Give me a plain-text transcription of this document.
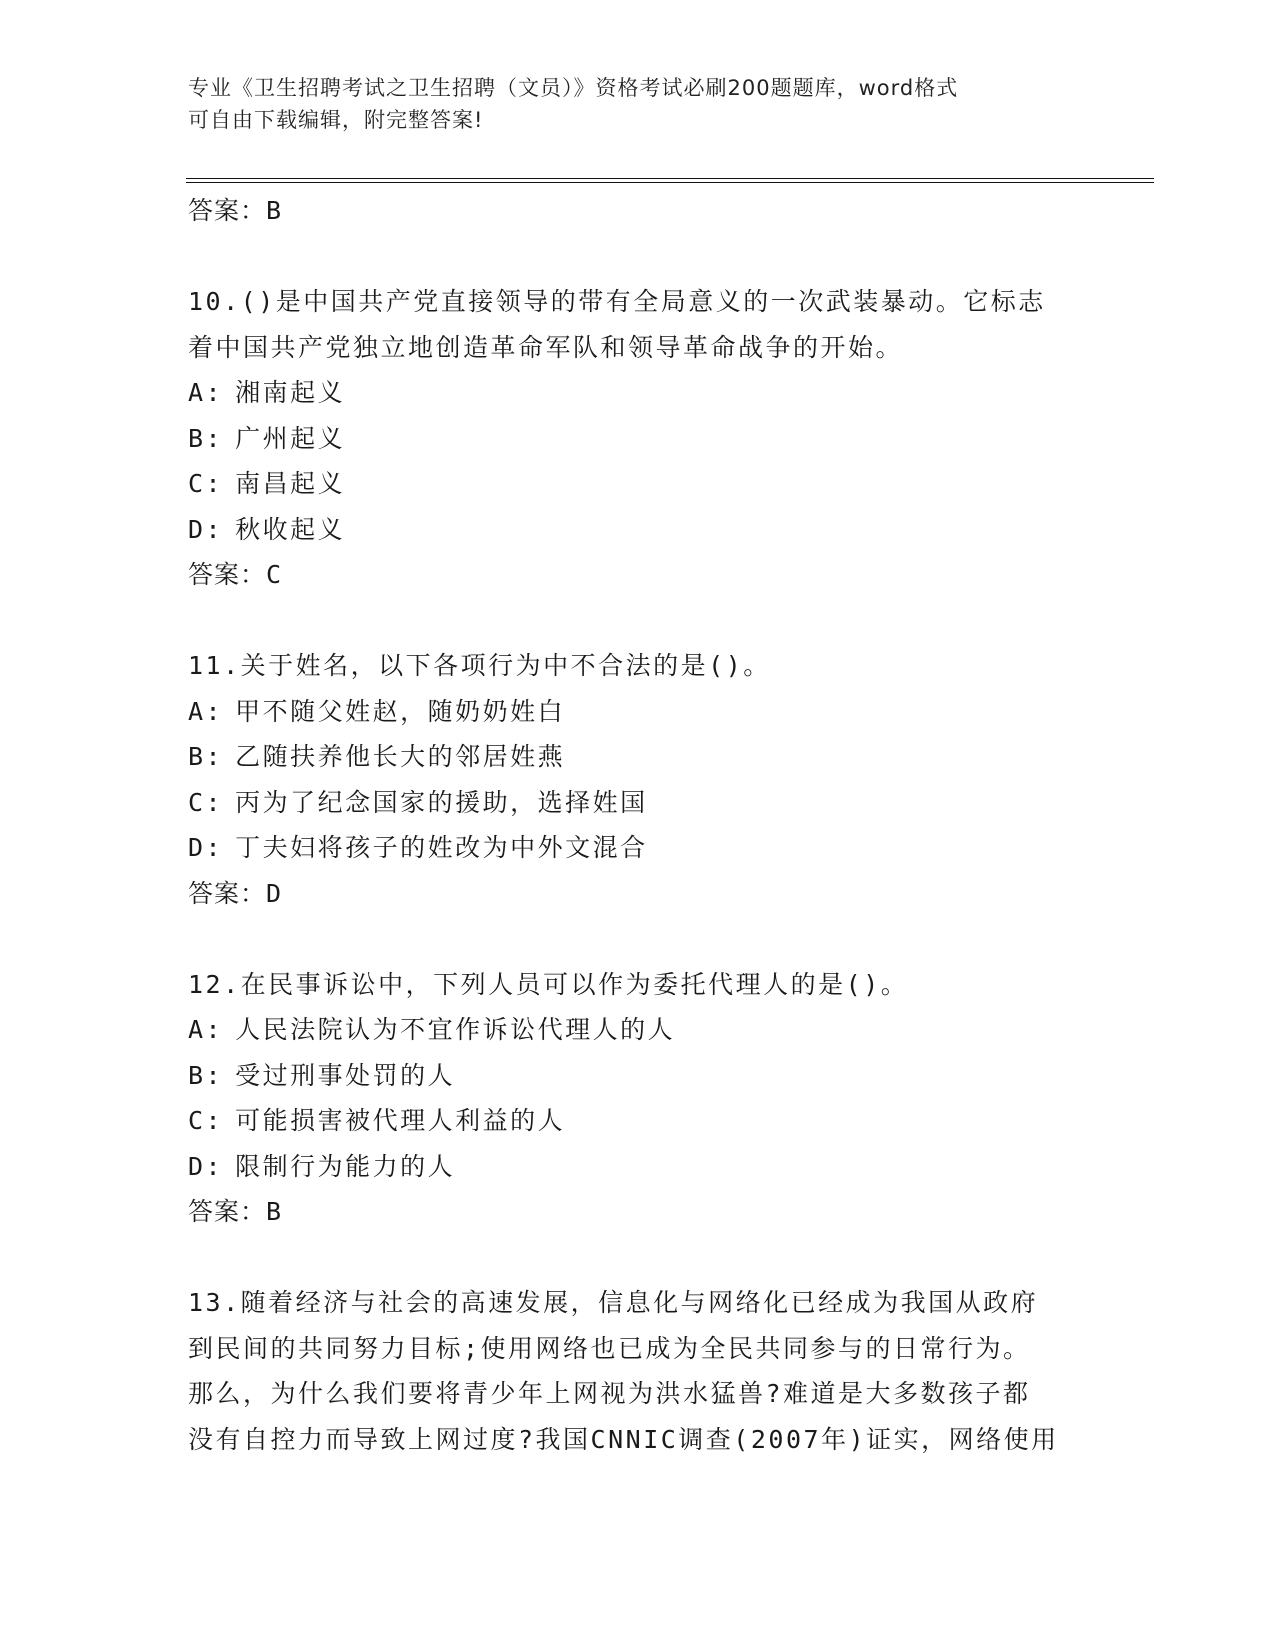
专业《卫生招聘考试之卫生招聘（文员）》资格考试必刷200题题库，word格式
可自由下载编辑，附完整答案!
答案：B
10.()是中国共产党直接领导的带有全局意义的一次武装暴动。它标志
着中国共产党独立地创造革命军队和领导革命战争的开始。
A: 湘南起义
B: 广州起义
C: 南昌起义
D: 秋收起义
答案：C
11.关于姓名，以下各项行为中不合法的是()。
A: 甲不随父姓赵，随奶奶姓白
B: 乙随扶养他长大的邻居姓燕
C: 丙为了纪念国家的援助，选择姓国
D: 丁夫妇将孩子的姓改为中外文混合
答案：D
12.在民事诉讼中，下列人员可以作为委托代理人的是()。
A: 人民法院认为不宜作诉讼代理人的人
B: 受过刑事处罚的人
C: 可能损害被代理人利益的人
D: 限制行为能力的人
答案：B
13.随着经济与社会的高速发展，信息化与网络化已经成为我国从政府
到民间的共同努力目标;使用网络也已成为全民共同参与的日常行为。
那么，为什么我们要将青少年上网视为洪水猛兽?难道是大多数孩子都
没有自控力而导致上网过度?我国CNNIC调查(2007年)证实，网络使用
